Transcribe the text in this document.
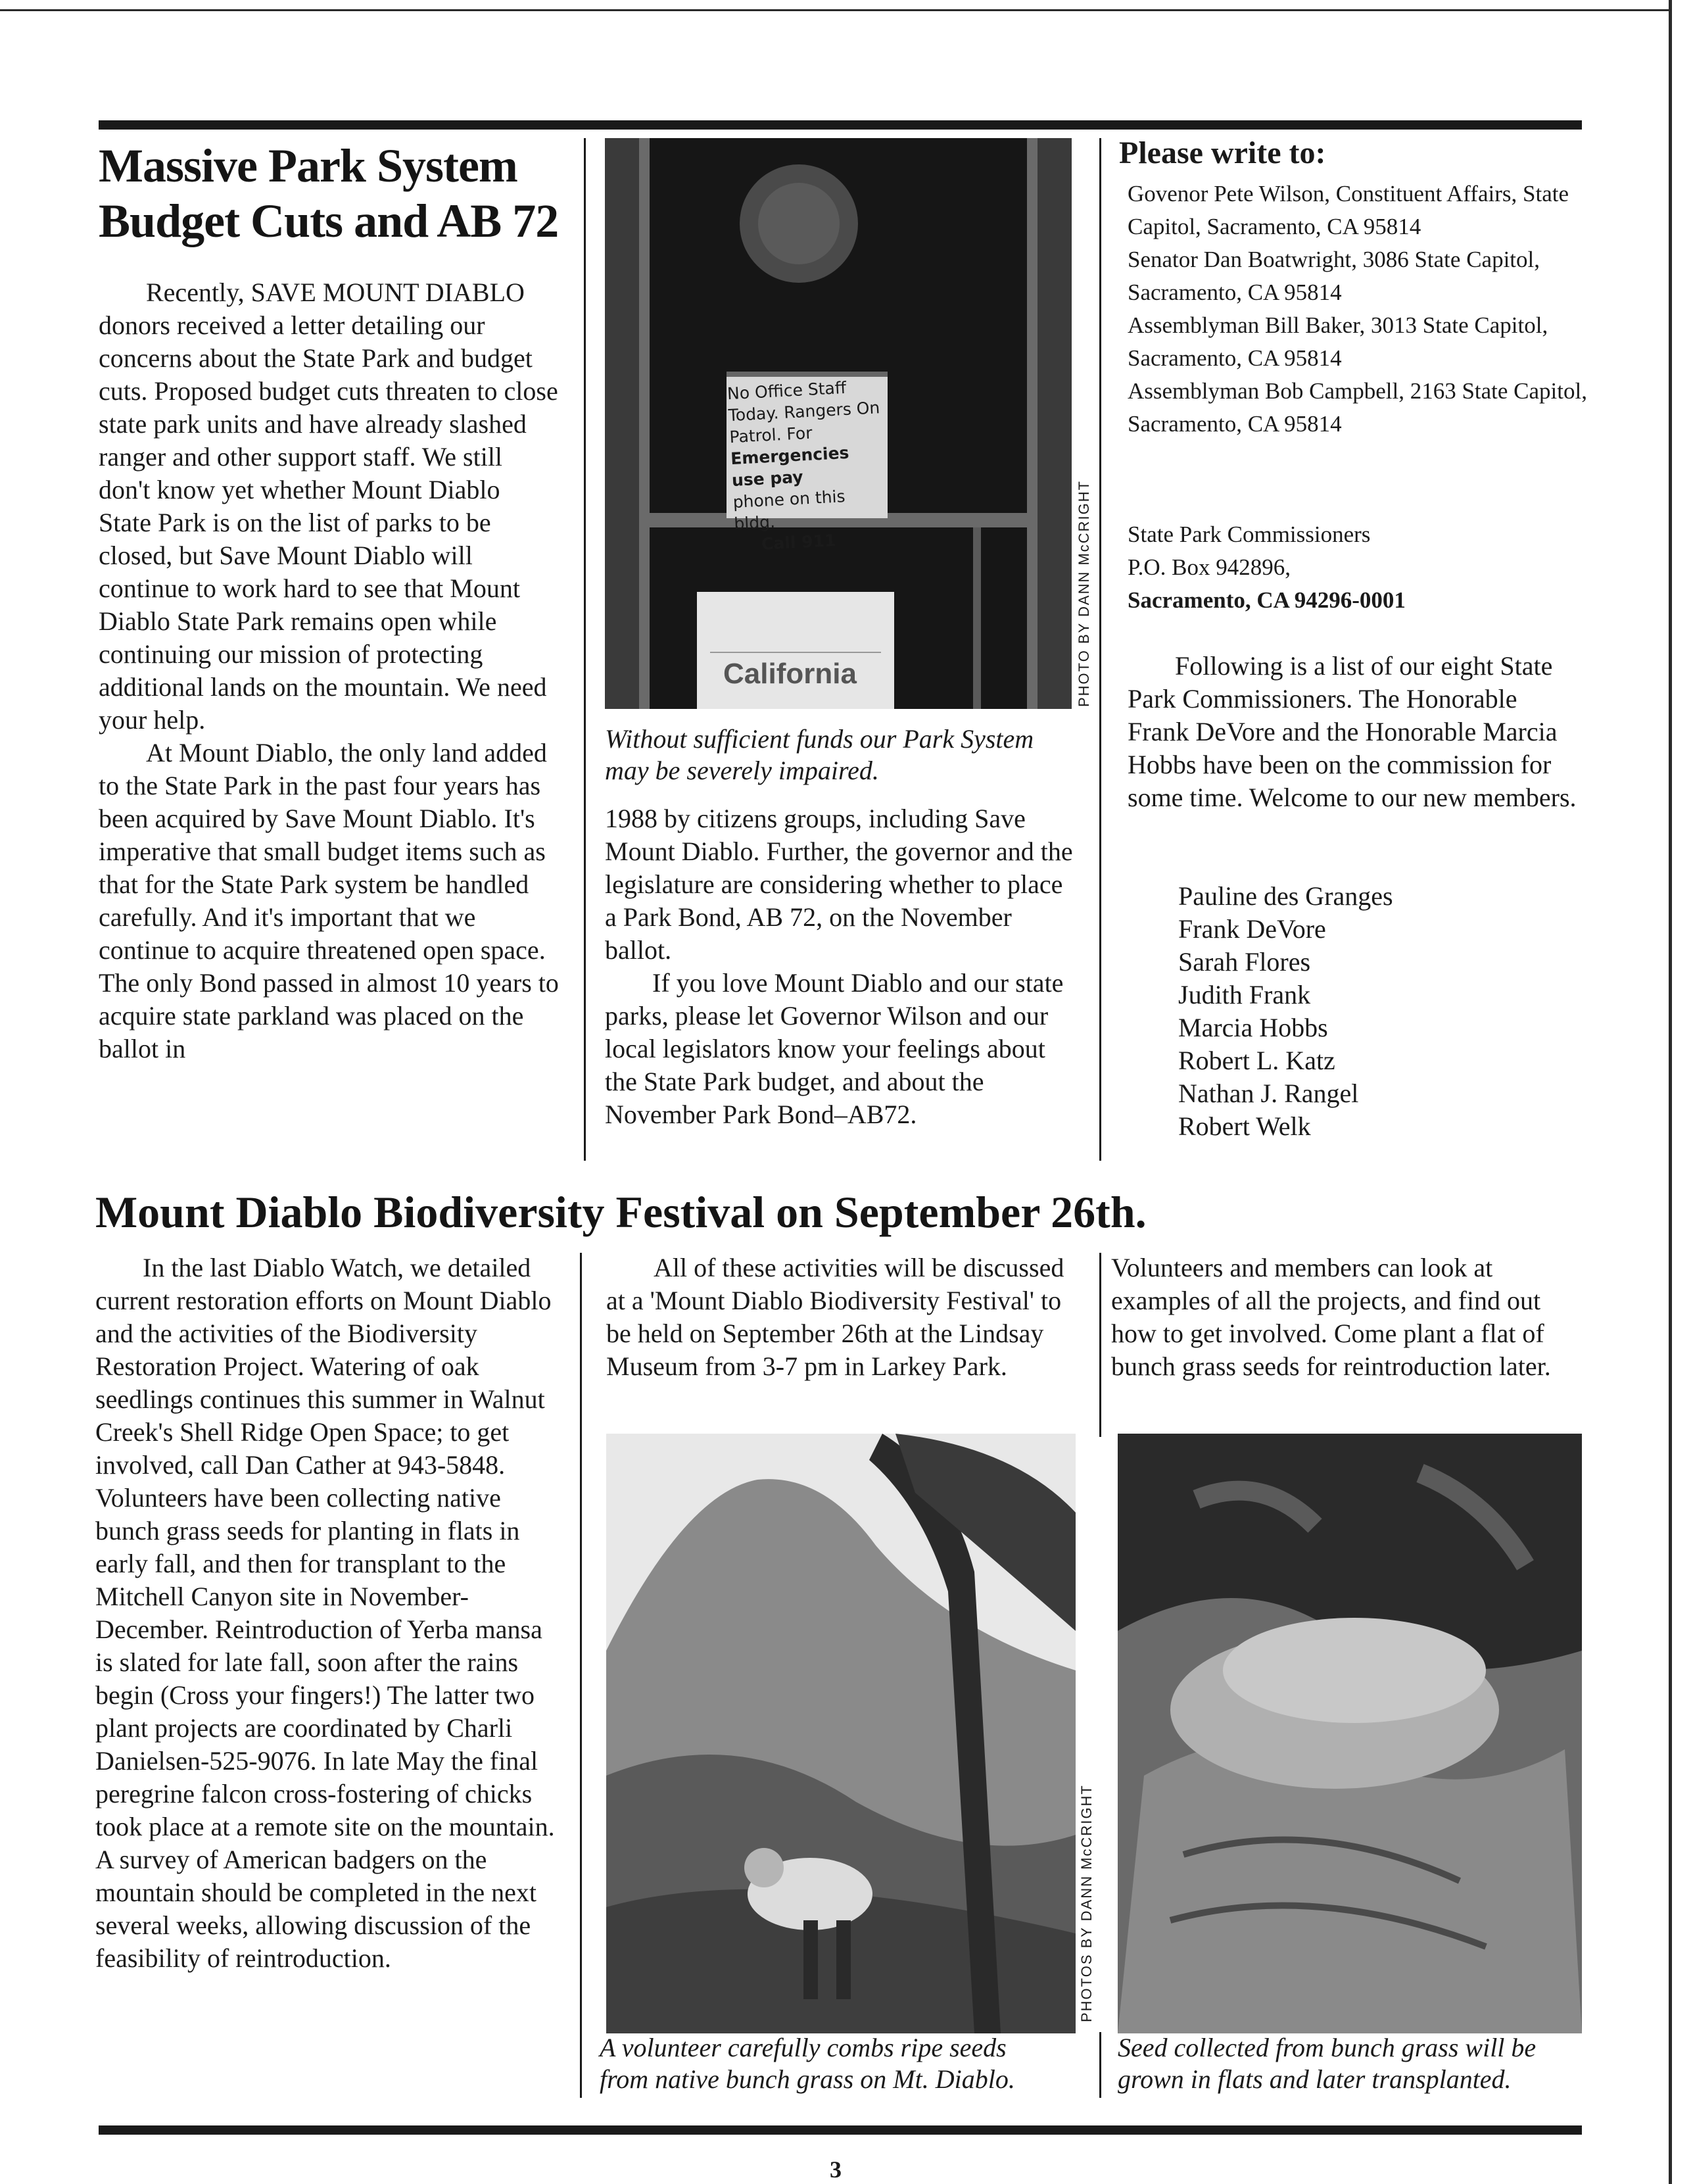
Massive Park System
Budget Cuts and AB 72

Recently, SAVE MOUNT DIABLO donors received a letter detailing our concerns about the State Park and budget cuts. Proposed budget cuts threaten to close state park units and have already slashed ranger and other support staff. We still don't know yet whether Mount Diablo State Park is on the list of parks to be closed, but Save Mount Diablo will continue to work hard to see that Mount Diablo State Park remains open while continuing our mission of protecting additional lands on the mountain. We need your help.

At Mount Diablo, the only land added to the State Park in the past four years has been acquired by Save Mount Diablo. It's imperative that small budget items such as that for the State Park system be handled carefully. And it's important that we continue to acquire threatened open space. The only Bond passed in almost 10 years to acquire state parkland was placed on the ballot in

No Office Staff
Today. Rangers On
Patrol. For
Emergencies use pay
phone on this bldg.
Call 911
California	PHOTO BY DANN McCRIGHT
Without sufficient funds our Park System may be severely impaired.

1988 by citizens groups, including Save Mount Diablo. Further, the governor and the legislature are considering whether to place a Park Bond, AB 72, on the November ballot.

If you love Mount Diablo and our state parks, please let Governor Wilson and our local legislators know your feelings about the State Park budget, and about the November Park Bond–AB72.

Please write to:

Govenor Pete Wilson, Constituent Affairs, State Capitol, Sacramento, CA 95814

Senator Dan Boatwright, 3086 State Capitol, Sacramento, CA 95814

Assemblyman Bill Baker, 3013 State Capitol, Sacramento, CA 95814

Assemblyman Bob Campbell, 2163 State Capitol, Sacramento, CA 95814

State Park Commissioners

P.O. Box 942896,

Sacramento, CA 94296-0001

Following is a list of our eight State Park Commissioners. The Honorable Frank DeVore and the Honorable Marcia Hobbs have been on the commission for some time. Welcome to our new members.

Pauline des Granges
Frank DeVore
Sarah Flores
Judith Frank
Marcia Hobbs
Robert L. Katz
Nathan J. Rangel
Robert Welk
Mount Diablo Biodiversity Festival on September 26th.

In the last Diablo Watch, we detailed current restoration efforts on Mount Diablo and the activities of the Biodiversity Restoration Project. Watering of oak seedlings continues this summer in Walnut Creek's Shell Ridge Open Space; to get involved, call Dan Cather at 943-5848. Volunteers have been collecting native bunch grass seeds for planting in flats in early fall, and then for transplant to the Mitchell Canyon site in November-December. Reintroduction of Yerba mansa is slated for late fall, soon after the rains begin (Cross your fingers!) The latter two plant projects are coordinated by Charli Danielsen-525-9076. In late May the final peregrine falcon cross-fostering of chicks took place at a remote site on the mountain. A survey of American badgers on the mountain should be completed in the next several weeks, allowing discussion of the feasibility of reintroduction.

All of these activities will be discussed at a 'Mount Diablo Biodiversity Festival' to be held on September 26th at the Lindsay Museum from 3-7 pm in Larkey Park.

PHOTOS BY DANN McCRIGHT
A volunteer carefully combs ripe seeds from native bunch grass on Mt. Diablo.

Volunteers and members can look at examples of all the projects, and find out how to get involved. Come plant a flat of bunch grass seeds for reintroduction later.

Seed collected from bunch grass will be grown in flats and later transplanted.
3
